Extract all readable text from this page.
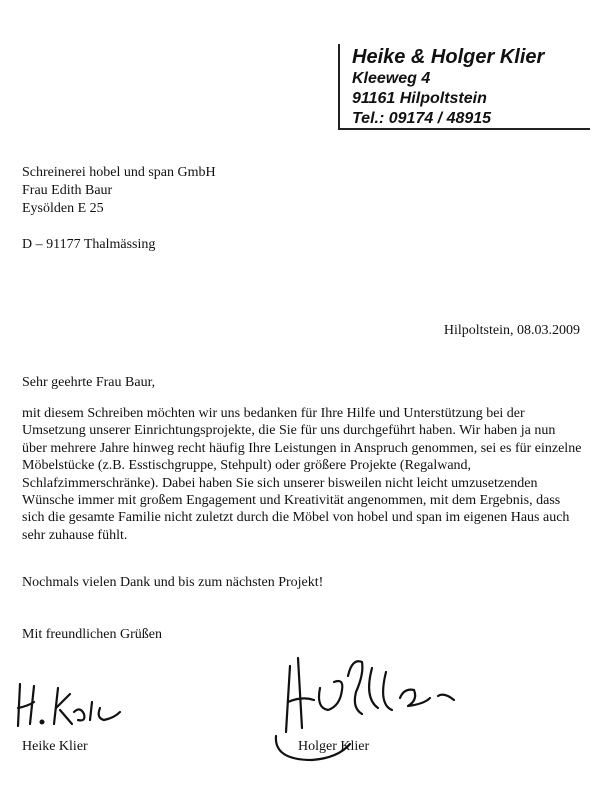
Heike & Holger Klier
Kleeweg 4
91161 Hilpoltstein
Tel.: 09174 / 48915
Schreinerei hobel und span GmbH
Frau Edith Baur
Eysölden E 25
D – 91177 Thalmässing
Hilpoltstein, 08.03.2009
Sehr geehrte Frau Baur,
mit diesem Schreiben möchten wir uns bedanken für Ihre Hilfe und Unterstützung bei der Umsetzung unserer Einrichtungsprojekte, die Sie für uns durchgeführt haben. Wir haben ja nun über mehrere Jahre hinweg recht häufig Ihre Leistungen in Anspruch genommen, sei es für einzelne Möbelstücke (z.B. Esstischgruppe, Stehpult) oder größere Projekte (Regalwand, Schlafzimmerschränke). Dabei haben Sie sich unserer bisweilen nicht leicht umzusetzenden Wünsche immer mit großem Engagement und Kreativität angenommen, mit dem Ergebnis, dass sich die gesamte Familie nicht zuletzt durch die Möbel von hobel und span im eigenen Haus auch sehr zuhause fühlt.
Nochmals vielen Dank und bis zum nächsten Projekt!
Mit freundlichen Grüßen
Heike Klier	Holger Klier
